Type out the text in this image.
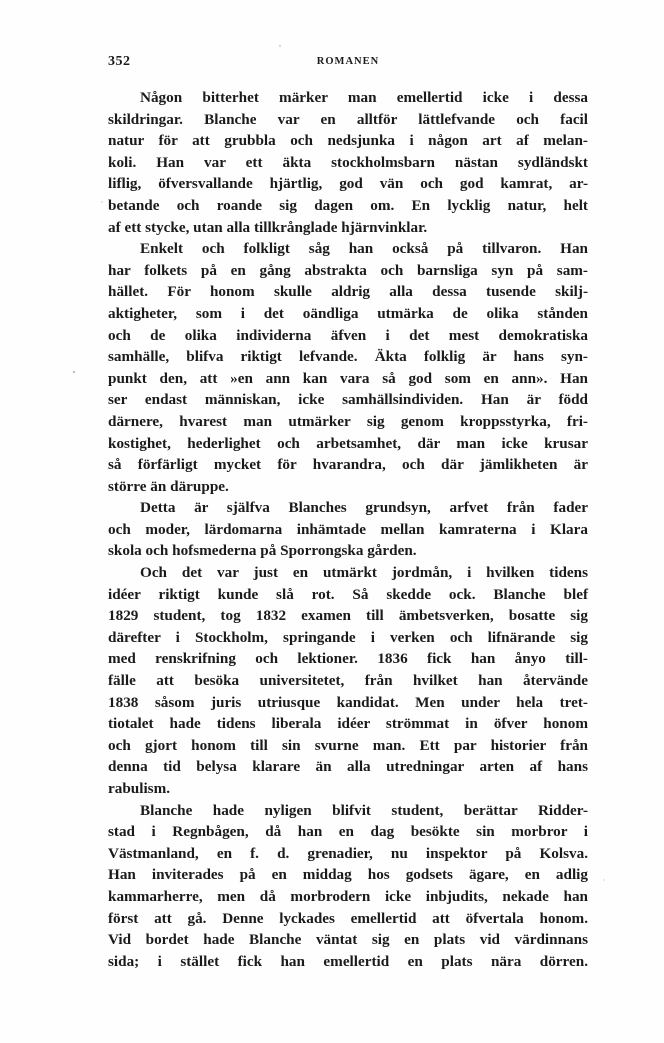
352	ROMANEN
Någon bitterhet märker man emellertid icke i dessa
skildringar. Blanche var en alltför lättlefvande och facil
natur för att grubbla och nedsjunka i någon art af melan-
koli. Han var ett äkta stockholmsbarn nästan sydländskt
liflig, öfversvallande hjärtlig, god vän och god kamrat, ar-
betande och roande sig dagen om. En lycklig natur, helt
af ett stycke, utan alla tillkrånglade hjärnvinklar.
Enkelt och folkligt såg han också på tillvaron. Han
har folkets på en gång abstrakta och barnsliga syn på sam-
hället. För honom skulle aldrig alla dessa tusende skilj-
aktigheter, som i det oändliga utmärka de olika stånden
och de olika individerna äfven i det mest demokratiska
samhälle, blifva riktigt lefvande. Äkta folklig är hans syn-
punkt den, att »en ann kan vara så god som en ann». Han
ser endast människan, icke samhällsindividen. Han är född
därnere, hvarest man utmärker sig genom kroppsstyrka, fri-
kostighet, hederlighet och arbetsamhet, där man icke krusar
så förfärligt mycket för hvarandra, och där jämlikheten är
större än däruppe.
Detta är själfva Blanches grundsyn, arfvet från fader
och moder, lärdomarna inhämtade mellan kamraterna i Klara
skola och hofsmederna på Sporrongska gården.
Och det var just en utmärkt jordmån, i hvilken tidens
idéer riktigt kunde slå rot. Så skedde ock. Blanche blef
1829 student, tog 1832 examen till ämbetsverken, bosatte sig
därefter i Stockholm, springande i verken och lifnärande sig
med renskrifning och lektioner. 1836 fick han ånyo till-
fälle att besöka universitetet, från hvilket han återvände
1838 såsom juris utriusque kandidat. Men under hela tret-
tiotalet hade tidens liberala idéer strömmat in öfver honom
och gjort honom till sin svurne man. Ett par historier från
denna tid belysa klarare än alla utredningar arten af hans
rabulism.
Blanche hade nyligen blifvit student, berättar Ridder-
stad i Regnbågen, då han en dag besökte sin morbror i
Västmanland, en f. d. grenadier, nu inspektor på Kolsva.
Han inviterades på en middag hos godsets ägare, en adlig
kammarherre, men då morbrodern icke inbjudits, nekade han
först att gå. Denne lyckades emellertid att öfvertala honom.
Vid bordet hade Blanche väntat sig en plats vid värdinnans
sida; i stället fick han emellertid en plats nära dörren.
